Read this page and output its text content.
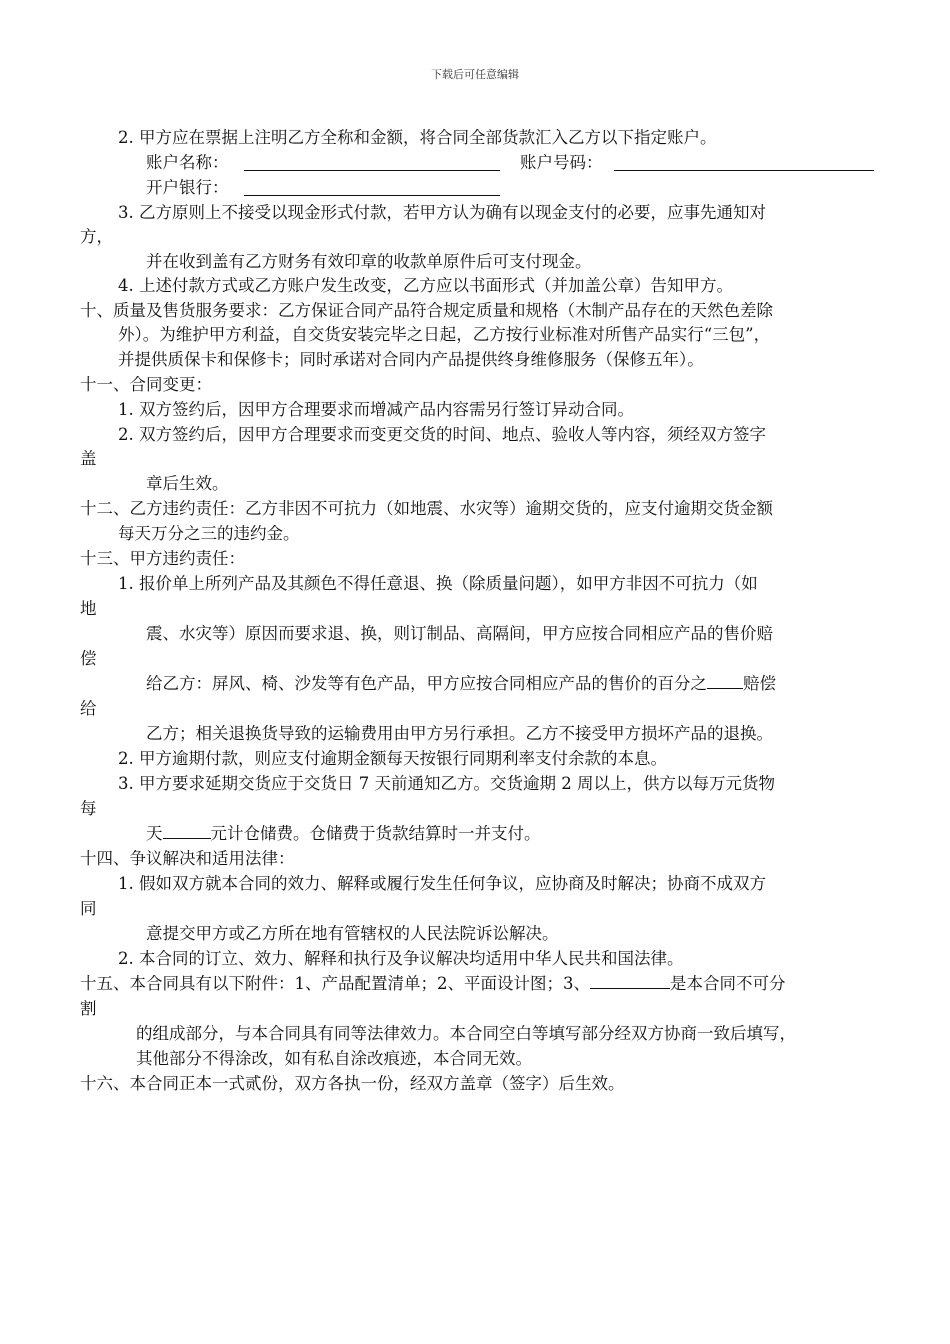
下载后可任意编辑
2. 甲方应在票据上注明乙方全称和金额，将合同全部货款汇入乙方以下指定账户。
账户名称：	账户号码：
开户银行：
3. 乙方原则上不接受以现金形式付款，若甲方认为确有以现金支付的必要，应事先通知对
方，
并在收到盖有乙方财务有效印章的收款单原件后可支付现金。
4. 上述付款方式或乙方账户发生改变，乙方应以书面形式（并加盖公章）告知甲方。
十、质量及售货服务要求：乙方保证合同产品符合规定质量和规格（木制产品存在的天然色差除
外）。为维护甲方利益，自交货安装完毕之日起，乙方按行业标准对所售产品实行“三包”，
并提供质保卡和保修卡；同时承诺对合同内产品提供终身维修服务（保修五年）。
十一、合同变更：
1. 双方签约后，因甲方合理要求而增减产品内容需另行签订异动合同。
2. 双方签约后，因甲方合理要求而变更交货的时间、地点、验收人等内容，须经双方签字
盖
章后生效。
十二、乙方违约责任：乙方非因不可抗力（如地震、水灾等）逾期交货的，应支付逾期交货金额
每天万分之三的违约金。
十三、甲方违约责任：
1. 报价单上所列产品及其颜色不得任意退、换（除质量问题），如甲方非因不可抗力（如
地
震、水灾等）原因而要求退、换，则订制品、高隔间，甲方应按合同相应产品的售价赔
偿
给乙方：屏风、椅、沙发等有色产品，甲方应按合同相应产品的售价的百分之 赔偿
给
乙方；相关退换货导致的运输费用由甲方另行承担。乙方不接受甲方损坏产品的退换。
2. 甲方逾期付款，则应支付逾期金额每天按银行同期利率支付余款的本息。
3. 甲方要求延期交货应于交货日 7 天前通知乙方。交货逾期 2 周以上，供方以每万元货物
每
天	元计仓储费。仓储费于货款结算时一并支付。
十四、争议解决和适用法律：
1. 假如双方就本合同的效力、解释或履行发生任何争议，应协商及时解决；协商不成双方
同
意提交甲方或乙方所在地有管辖权的人民法院诉讼解决。
2. 本合同的订立、效力、解释和执行及争议解决均适用中华人民共和国法律。
十五、本合同具有以下附件：1、产品配置清单；2、平面设计图；3、	是本合同不可分
割
的组成部分，与本合同具有同等法律效力。本合同空白等填写部分经双方协商一致后填写，
其他部分不得涂改，如有私自涂改痕迹，本合同无效。
十六、本合同正本一式贰份，双方各执一份，经双方盖章（签字）后生效。
